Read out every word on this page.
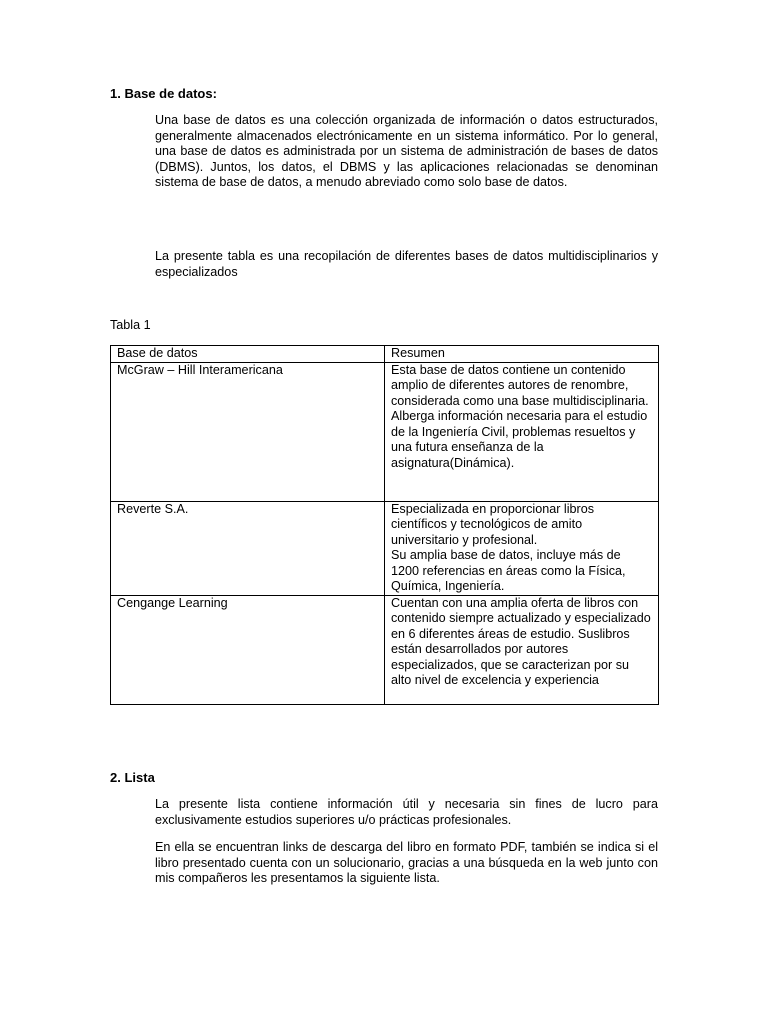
1. Base de datos:

Una base de datos es una colección organizada de información o datos estructurados, generalmente almacenados electrónicamente en un sistema informático. Por lo general, una base de datos es administrada por un sistema de administración de bases de datos (DBMS). Juntos, los datos, el DBMS y las aplicaciones relacionadas se denominan sistema de base de datos, a menudo abreviado como solo base de datos.

La presente tabla es una recopilación de diferentes bases de datos multidisciplinarios y especializados

Tabla 1

Base de datos	Resumen
McGraw – Hill Interamericana	Esta base de datos contiene un contenido amplio de diferentes autores de renombre, considerada como una base multidisciplinaria.
Alberga información necesaria para el estudio de la Ingeniería Civil, problemas resueltos y una futura enseñanza de la asignatura(Dinámica).

Reverte S.A.	Especializada en proporcionar libros científicos y tecnológicos de amito universitario y profesional.
Su amplia base de datos, incluye más de 1200 referencias en áreas como la Física, Química, Ingeniería.

Cengange Learning	Cuentan con una amplia oferta de libros con contenido siempre actualizado y especializado en 6 diferentes áreas de estudio. Suslibros están desarrollados por autores especializados, que se caracterizan por su alto nivel de excelencia y experiencia
2. Lista

La presente lista contiene información útil y necesaria sin fines de lucro para exclusivamente estudios superiores u/o prácticas profesionales.

En ella se encuentran links de descarga del libro en formato PDF, también se indica si el libro presentado cuenta con un solucionario, gracias a una búsqueda en la web junto con mis compañeros les presentamos la siguiente lista.
